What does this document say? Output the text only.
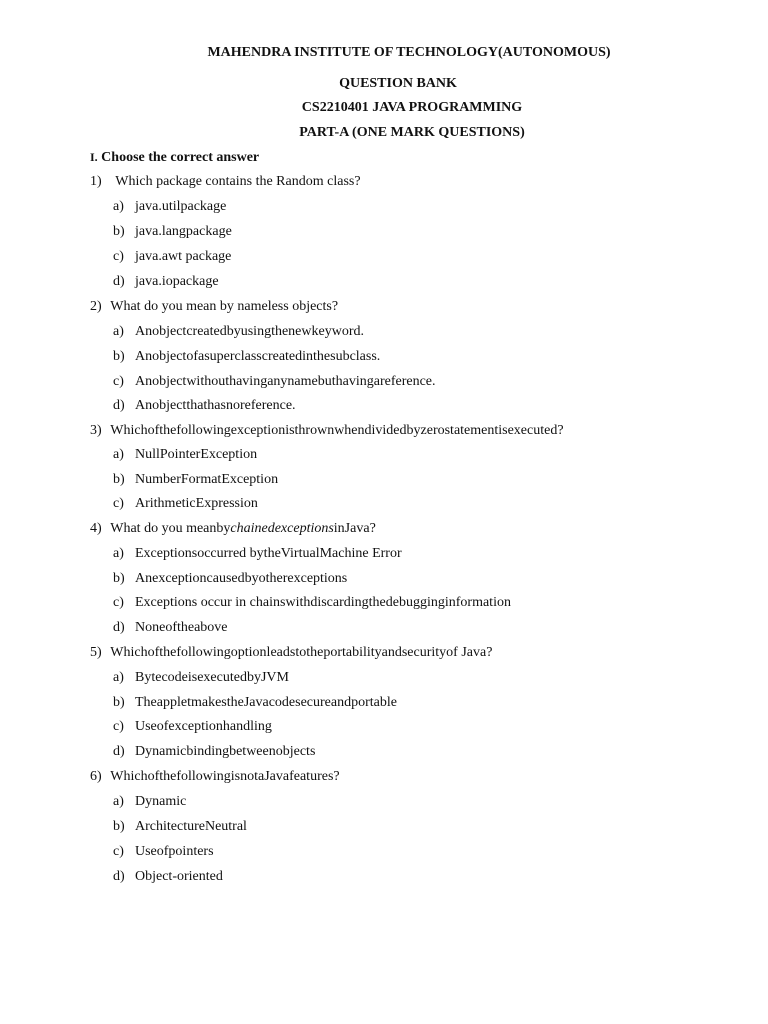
MAHENDRA INSTITUTE OF TECHNOLOGY(AUTONOMOUS)
QUESTION BANK
CS2210401 JAVA PROGRAMMING
PART-A (ONE MARK QUESTIONS)
I. Choose the correct answer
1) Which package contains the Random class?
a) java.utilpackage
b) java.langpackage
c) java.awt package
d) java.iopackage
2) What do you mean by nameless objects?
a) Anobjectcreatedbyusingthenewkeyword.
b) Anobjectofasuperclasscreatedinthesubclass.
c) Anobjectwithouthavinganynamebuthavingareference.
d) Anobjectthathasnoreference.
3) Whichofthefollowingexceptionisthrownwhendividedbyzerostatementisexecuted?
a) NullPointerException
b) NumberFormatException
c) ArithmeticExpression
4) What do you meanbychainedexceptionsinJava?
a) Exceptionsoccurred bytheVirtualMachine Error
b) Anexceptioncausedbyotherexceptions
c) Exceptions occur in chainswithdiscardingthedebugginginformation
d) Noneoftheabove
5) Whichofthefollowingoptionleadstotheportabilityandsecurityof Java?
a) BytecodeisexecutedbyJVM
b) TheappletmakestheJavacodesecureandportable
c) Useofexceptionhandling
d) Dynamicbindingbetweenobjects
6) WhichofthefollowingisnotaJavafeatures?
a) Dynamic
b) ArchitectureNeutral
c) Useofpointers
d) Object-oriented
